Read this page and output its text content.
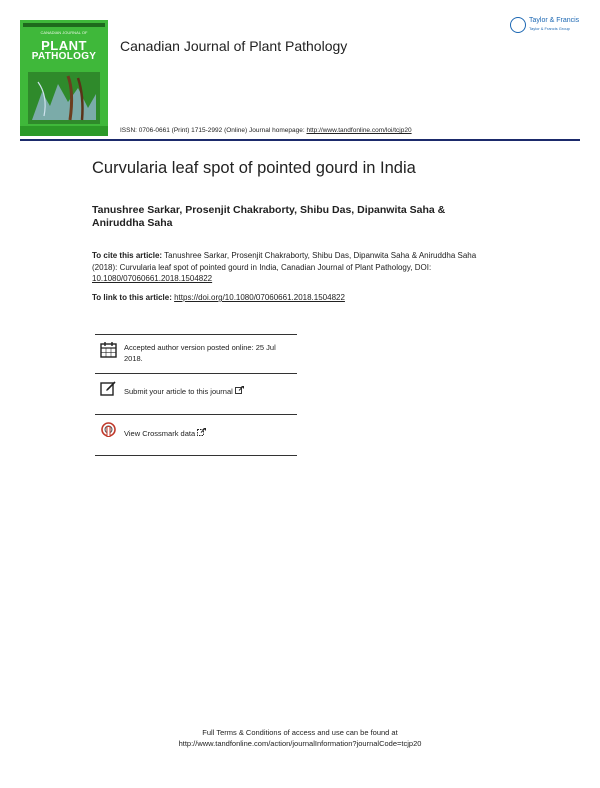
CANADIAN JOURNAL OF
PLANT
PATHOLOGY
Canadian Journal of Plant Pathology
Taylor & Francis
Taylor & Francis Group
ISSN: 0706-0661 (Print) 1715-2992 (Online) Journal homepage: http://www.tandfonline.com/loi/tcjp20
Curvularia leaf spot of pointed gourd in India
Tanushree Sarkar, Prosenjit Chakraborty, Shibu Das, Dipanwita Saha & Aniruddha Saha
To cite this article: Tanushree Sarkar, Prosenjit Chakraborty, Shibu Das, Dipanwita Saha & Aniruddha Saha (2018): Curvularia leaf spot of pointed gourd in India, Canadian Journal of Plant Pathology, DOI: 10.1080/07060661.2018.1504822
To link to this article: https://doi.org/10.1080/07060661.2018.1504822
Accepted author version posted online: 25 Jul 2018.
Submit your article to this journal
View Crossmark data
Full Terms & Conditions of access and use can be found at
http://www.tandfonline.com/action/journalInformation?journalCode=tcjp20
